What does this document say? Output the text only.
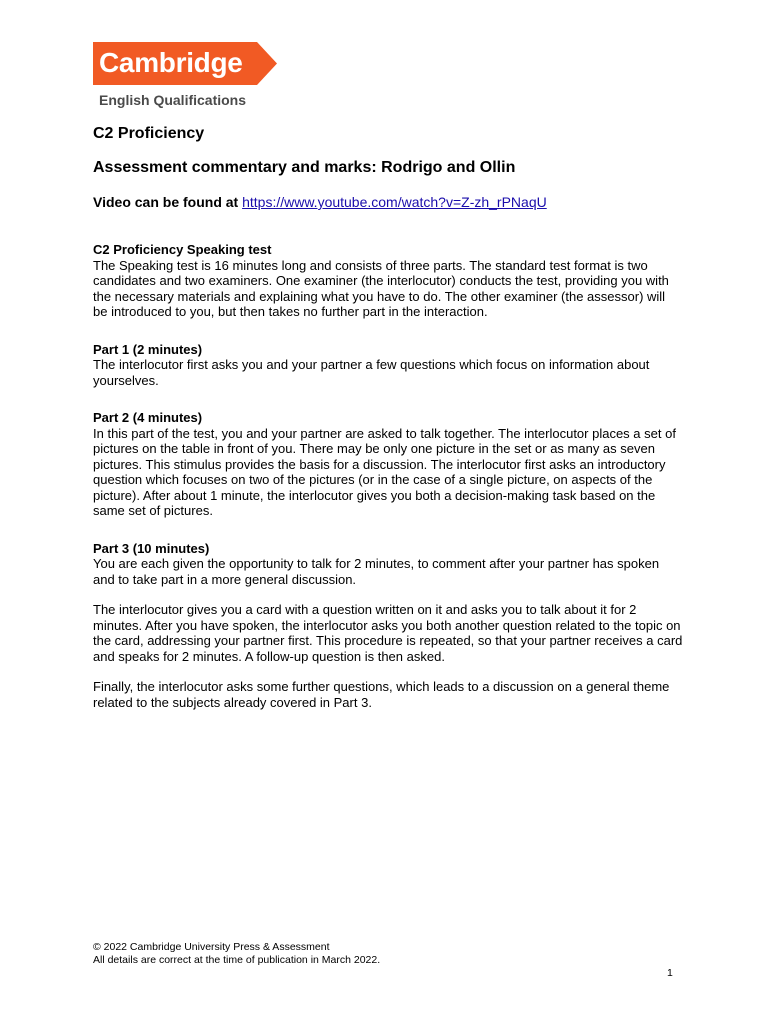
Cambridge
English Qualifications
C2 Proficiency
Assessment commentary and marks: Rodrigo and Ollin

Video can be found at https://www.youtube.com/watch?v=Z-zh_rPNaqU

C2 Proficiency Speaking test

The Speaking test is 16 minutes long and consists of three parts. The standard test format is two candidates and two examiners. One examiner (the interlocutor) conducts the test, providing you with the necessary materials and explaining what you have to do. The other examiner (the assessor) will be introduced to you, but then takes no further part in the interaction.

Part 1 (2 minutes)

The interlocutor first asks you and your partner a few questions which focus on information about yourselves.

Part 2 (4 minutes)

In this part of the test, you and your partner are asked to talk together. The interlocutor places a set of pictures on the table in front of you. There may be only one picture in the set or as many as seven pictures. This stimulus provides the basis for a discussion. The interlocutor first asks an introductory question which focuses on two of the pictures (or in the case of a single picture, on aspects of the picture). After about 1 minute, the interlocutor gives you both a decision-making task based on the same set of pictures.

Part 3 (10 minutes)

You are each given the opportunity to talk for 2 minutes, to comment after your partner has spoken and to take part in a more general discussion.

The interlocutor gives you a card with a question written on it and asks you to talk about it for 2 minutes. After you have spoken, the interlocutor asks you both another question related to the topic on the card, addressing your partner first. This procedure is repeated, so that your partner receives a card and speaks for 2 minutes. A follow-up question is then asked.

Finally, the interlocutor asks some further questions, which leads to a discussion on a general theme related to the subjects already covered in Part 3.

© 2022 Cambridge University Press & Assessment
All details are correct at the time of publication in March 2022.
1
